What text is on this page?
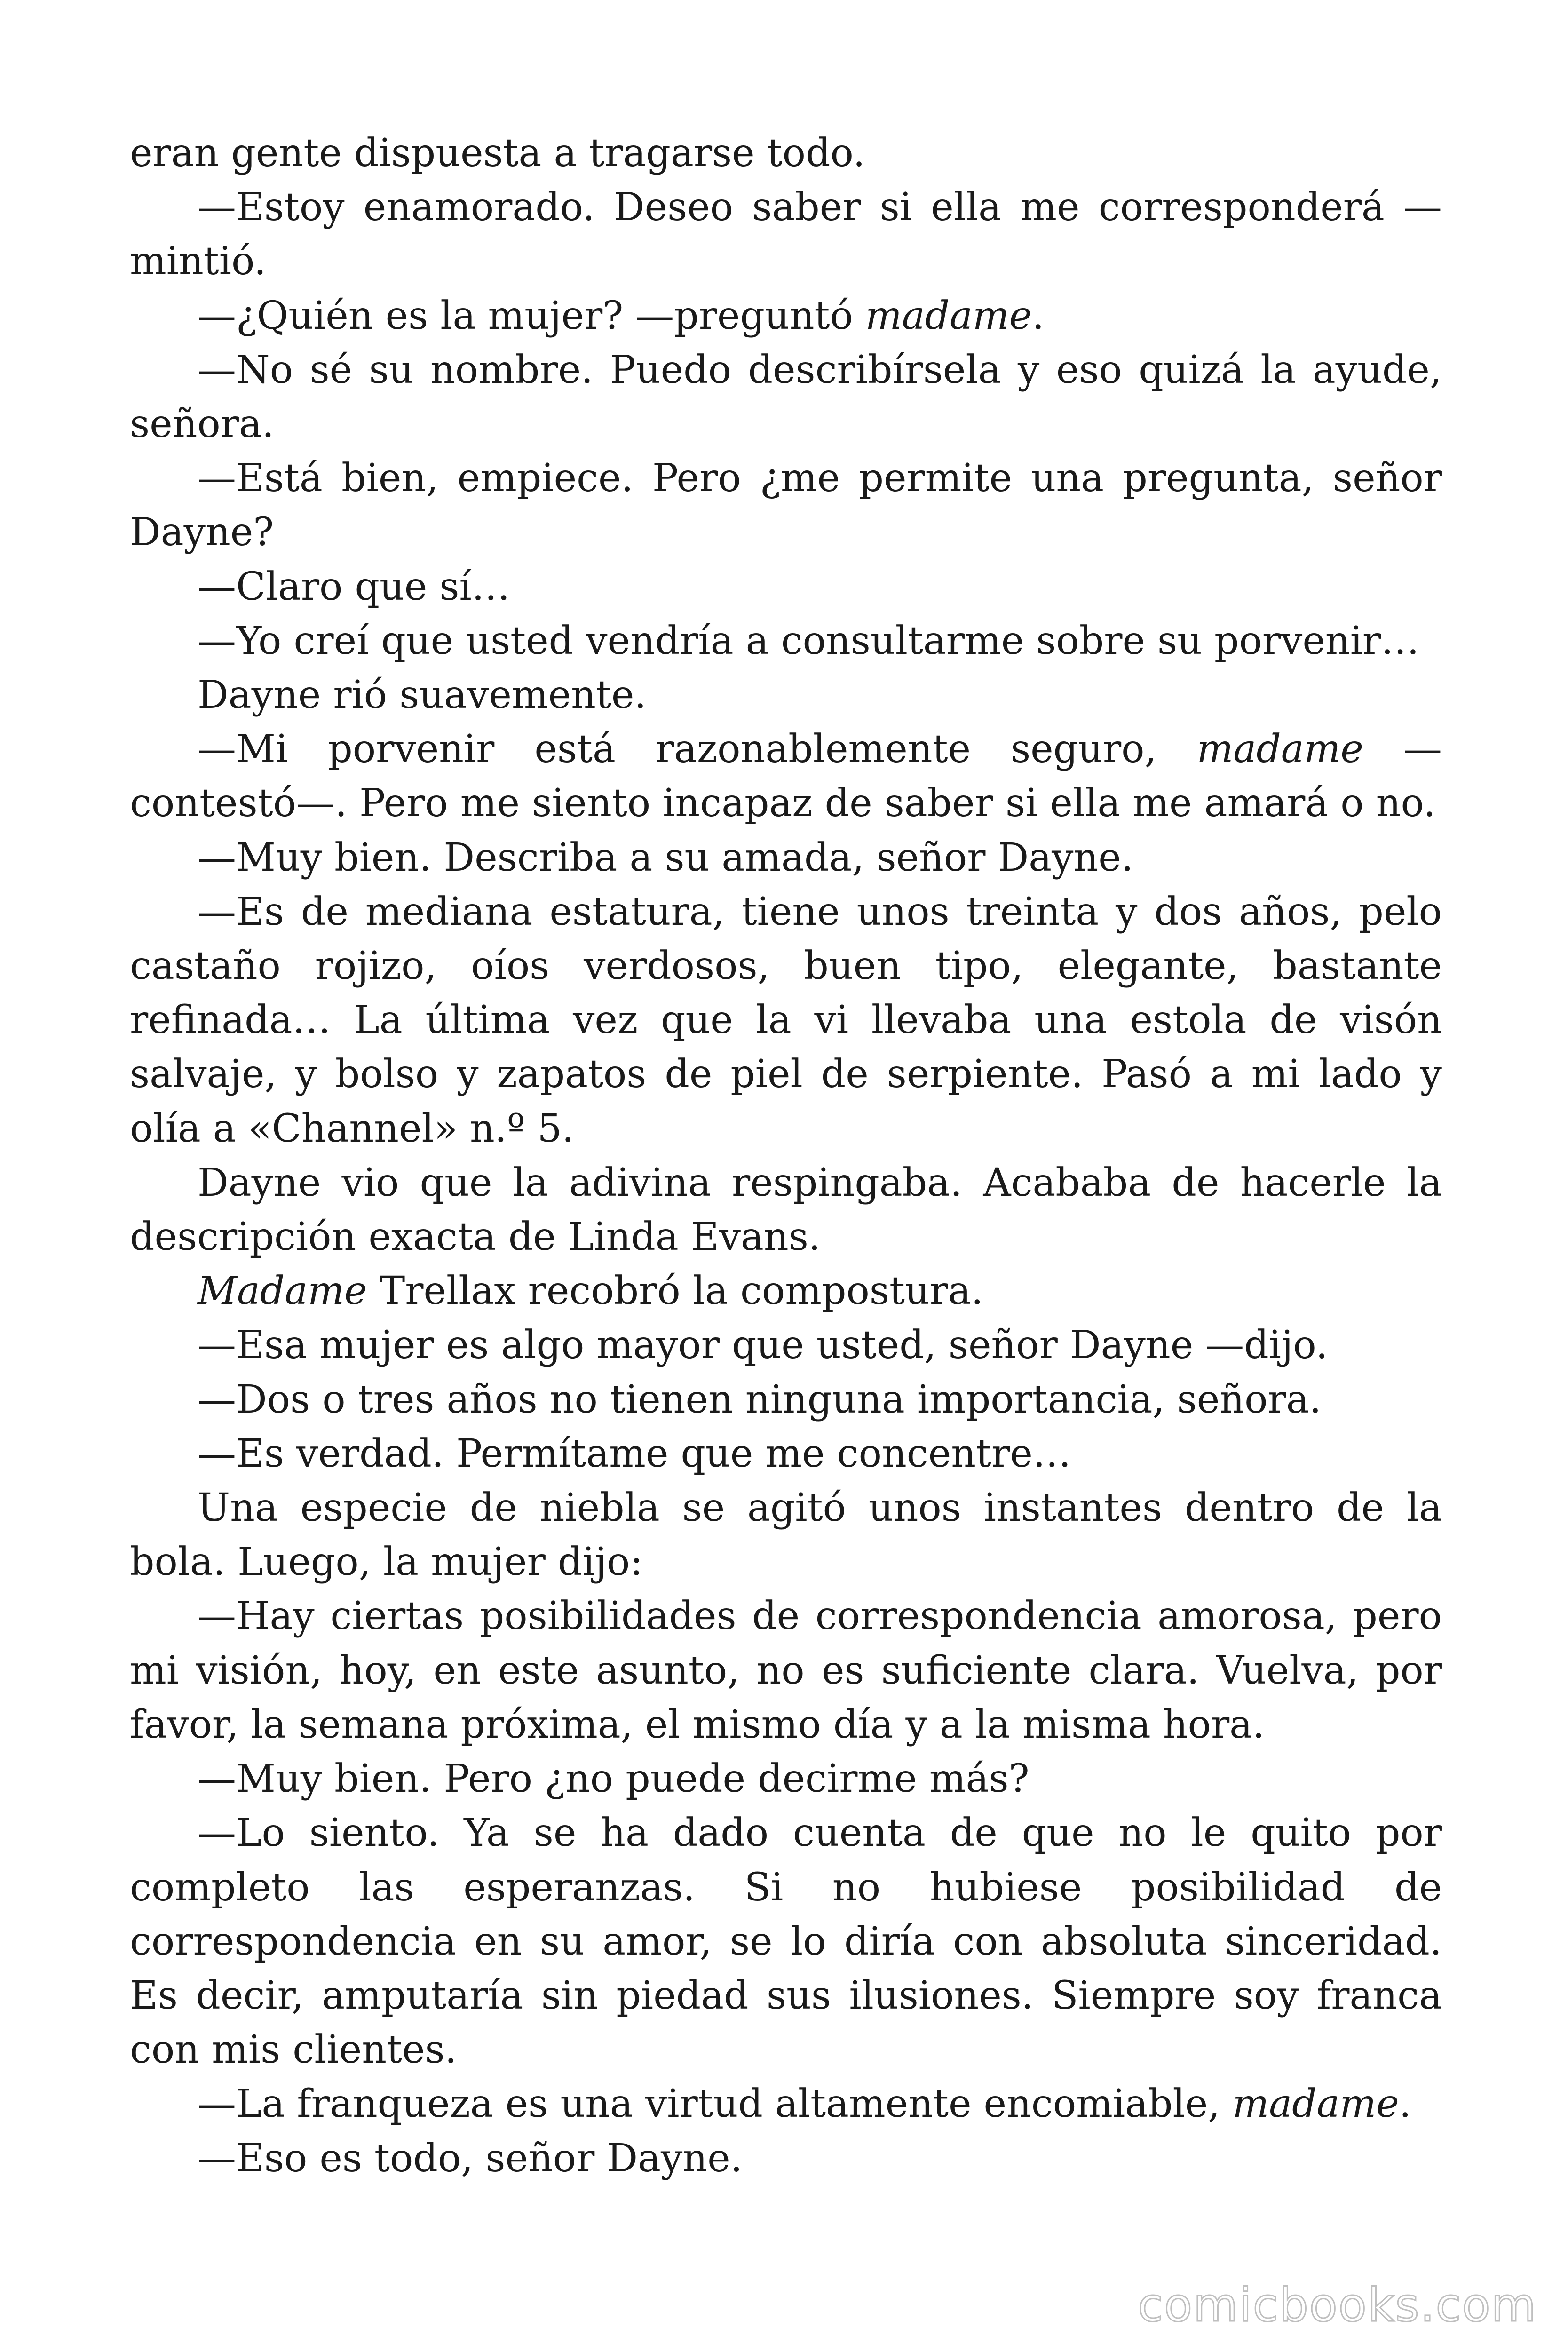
eran gente dispuesta a tragarse todo.

—Estoy enamorado. Deseo saber si ella me corresponderá —mintió.

—¿Quién es la mujer? —preguntó madame.

—No sé su nombre. Puedo describírsela y eso quizá la ayude, señora.

—Está bien, empiece. Pero ¿me permite una pregunta, señor Dayne?

—Claro que sí…

—Yo creí que usted vendría a consultarme sobre su porvenir…

Dayne rió suavemente.

—Mi porvenir está razonablemente seguro, madame —contestó—. Pero me siento incapaz de saber si ella me amará o no.

—Muy bien. Describa a su amada, señor Dayne.

—Es de mediana estatura, tiene unos treinta y dos años, pelo castaño rojizo, oíos verdosos, buen tipo, elegante, bastante refinada… La última vez que la vi llevaba una estola de visón salvaje, y bolso y zapatos de piel de serpiente. Pasó a mi lado y olía a «Channel» n.º 5.

Dayne vio que la adivina respingaba. Acababa de hacerle la descripción exacta de Linda Evans.

Madame Trellax recobró la compostura.

—Esa mujer es algo mayor que usted, señor Dayne —dijo.

—Dos o tres años no tienen ninguna importancia, señora.

—Es verdad. Permítame que me concentre…

Una especie de niebla se agitó unos instantes dentro de la bola. Luego, la mujer dijo:

—Hay ciertas posibilidades de correspondencia amorosa, pero mi visión, hoy, en este asunto, no es suficiente clara. Vuelva, por favor, la semana próxima, el mismo día y a la misma hora.

—Muy bien. Pero ¿no puede decirme más?

—Lo siento. Ya se ha dado cuenta de que no le quito por completo las esperanzas. Si no hubiese posibilidad de correspondencia en su amor, se lo diría con absoluta sinceridad. Es decir, amputaría sin piedad sus ilusiones. Siempre soy franca con mis clientes.

—La franqueza es una virtud altamente encomiable, madame.

—Eso es todo, señor Dayne.

comicbooks.com
